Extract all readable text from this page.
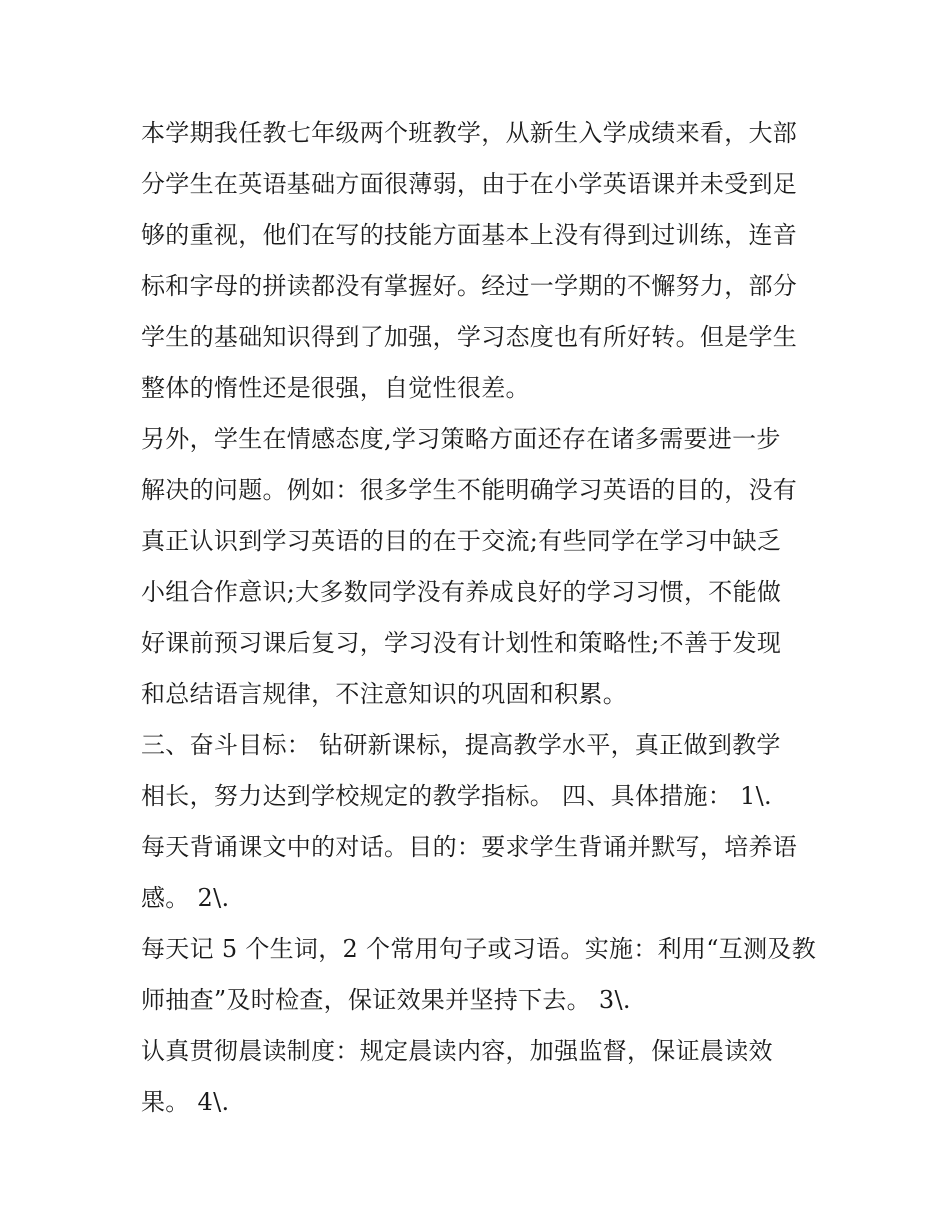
本学期我任教七年级两个班教学，从新生入学成绩来看，大部
分学生在英语基础方面很薄弱，由于在小学英语课并未受到足
够的重视，他们在写的技能方面基本上没有得到过训练，连音
标和字母的拼读都没有掌握好。经过一学期的不懈努力，部分
学生的基础知识得到了加强，学习态度也有所好转。但是学生
整体的惰性还是很强，自觉性很差。
另外，学生在情感态度,学习策略方面还存在诸多需要进一步
解决的问题。例如：很多学生不能明确学习英语的目的，没有
真正认识到学习英语的目的在于交流;有些同学在学习中缺乏
小组合作意识;大多数同学没有养成良好的学习习惯，不能做
好课前预习课后复习，学习没有计划性和策略性;不善于发现
和总结语言规律，不注意知识的巩固和积累。
三、奋斗目标： 钻研新课标，提高教学水平，真正做到教学
相长，努力达到学校规定的教学指标。 四、具体措施： 1\.
每天背诵课文中的对话。目的：要求学生背诵并默写，培养语
感。 2\.
每天记 5 个生词，2 个常用句子或习语。实施：利用“互测及教
师抽查”及时检查，保证效果并坚持下去。 3\.
认真贯彻晨读制度：规定晨读内容，加强监督，保证晨读效
果。 4\.
